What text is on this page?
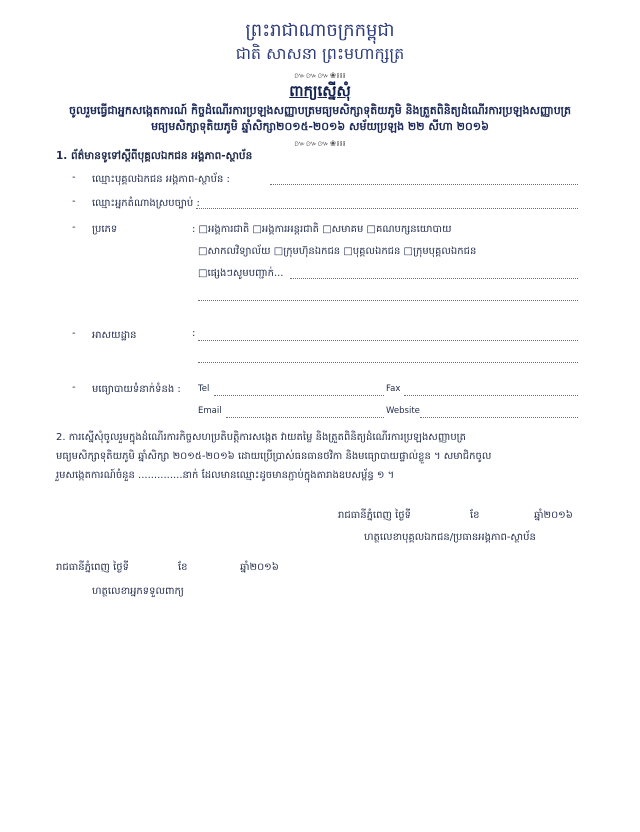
ព្រះរាជាណាចក្រកម្ពុជា
ជាតិ សាសនា ព្រះមហាក្សត្រ
៚៚៚❀៛៛៛
ពាក្យស្នើសុំ
ចូលរួមធ្វើជាអ្នកសង្កេតការណ៍ កិច្ចដំណើរការប្រឡងសញ្ញាបត្រមធ្យមសិក្សាទុតិយភូមិ និងត្រួតពិនិត្យដំណើរការប្រឡងសញ្ញាបត្រ
មធ្យមសិក្សាទុតិយភូមិ ឆ្នាំសិក្សា២០១៥-២០១៦ សម័យប្រឡង ២២ សីហា ២០១៦
៚៚៚❀៛៛៛
1. ព័ត៌មានទូទៅស្តីពីបុគ្គលឯកជន អង្គភាព-ស្ថាប័ន
- ឈ្មោះបុគ្គលឯកជន អង្គភាព-ស្ថាប័ន :
- ឈ្មោះអ្នកតំណាងស្របច្បាប់ :
- ប្រភេទ	: □អង្គការជាតិ □អង្គការអន្តរជាតិ □សមាគម □គណបក្សនយោបាយ
□សាកលវិទ្យាល័យ □ក្រុមហ៊ុនឯកជន □បុគ្គលឯកជន □ក្រុមបុគ្គលឯកជន
□ផ្សេងៗសូមបញ្ជាក់...
- អាសយដ្ឋាន	:
- មធ្យោបាយទំនាក់ទំនង : Tel	Fax
Email	Website
2. ការស្នើសុំចូលរួមក្នុងដំណើរការកិច្ចសហប្រតិបត្តិការសង្កេត វាយតម្លៃ និងត្រួតពិនិត្យដំណើរការប្រឡងសញ្ញាបត្រ
មធ្យមសិក្សាទុតិយភូមិ ឆ្នាំសិក្សា ២០១៥-២០១៦ ដោយប្រើប្រាស់ធនធានថវិកា និងមធ្យោបាយផ្ទាល់ខ្លួន ។ សមាជិកចូល
រួមសង្កេតការណ៍ចំនួន ..............នាក់ ដែលមានឈ្មោះដូចមានភ្ជាប់ក្នុងតារាងឧបសម្ព័ន្ធ ១ ។
រាជធានីភ្នំពេញ ថ្ងៃទី	ខែ	ឆ្នាំ២០១៦
ហត្ថលេខាបុគ្គលឯកជន/ប្រធានអង្គភាព-ស្ថាប័ន
រាជធានីភ្នំពេញ ថ្ងៃទី	ខែ	ឆ្នាំ២០១៦
ហត្ថលេខាអ្នកទទួលពាក្យ
